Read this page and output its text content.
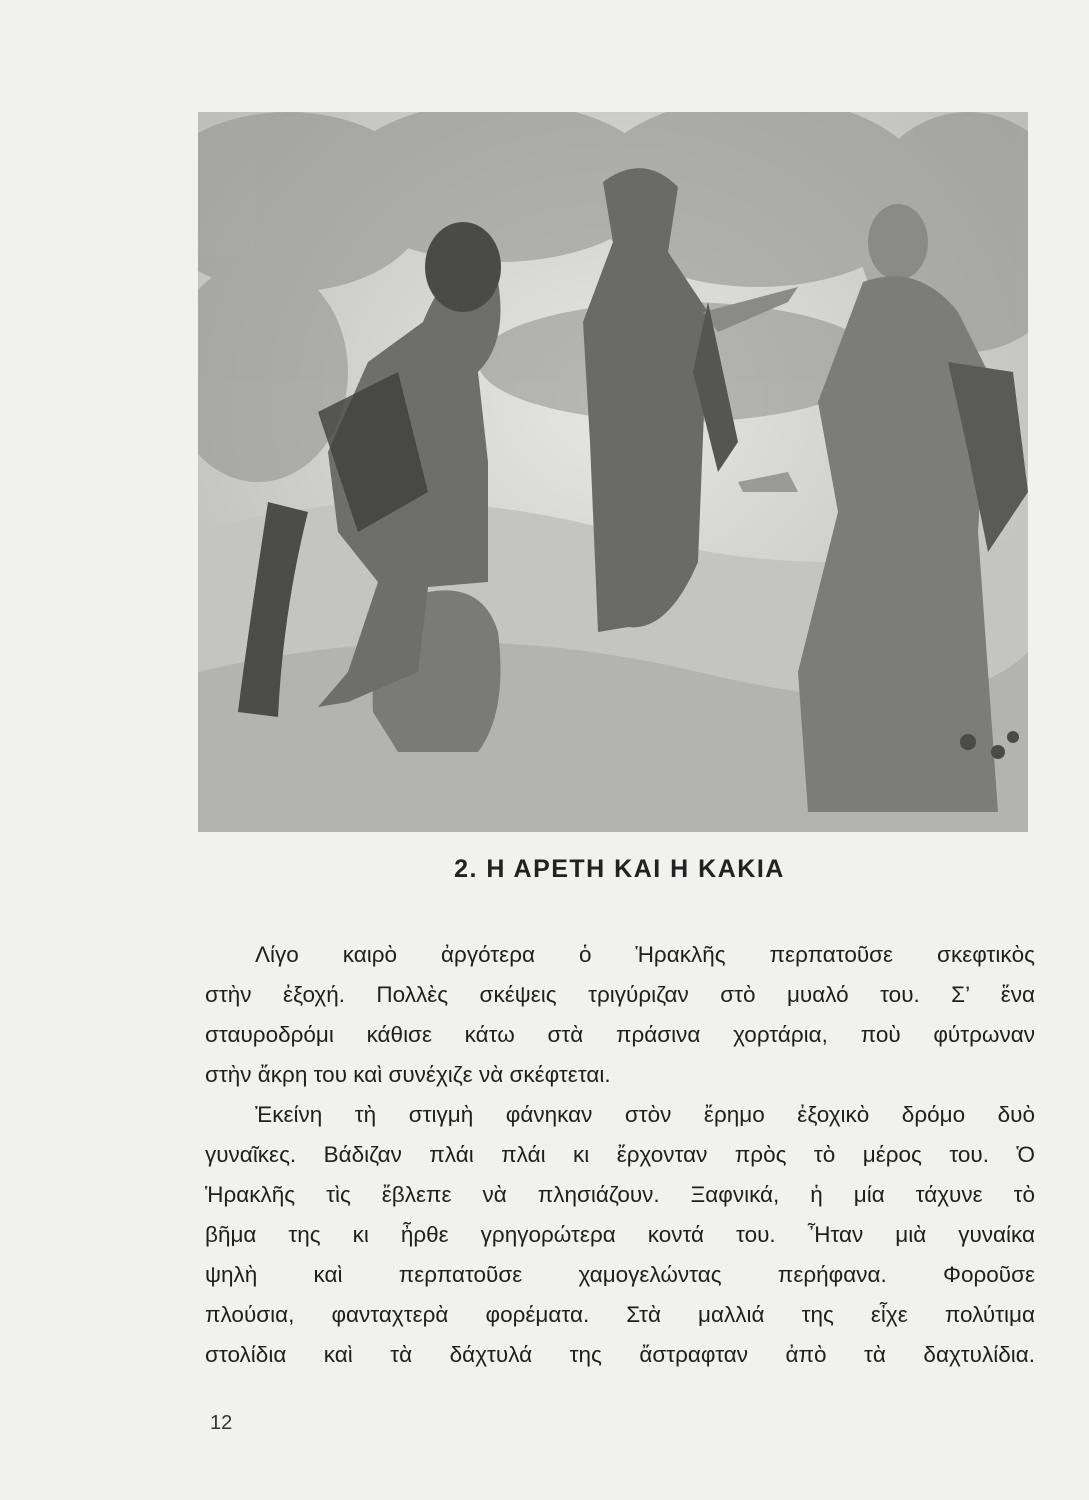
2. Η ΑΡΕΤΗ ΚΑΙ Η ΚΑΚΙΑ
Λίγο καιρὸ ἀργότερα ὁ Ἡρακλῆς περπατοῦσε σκεφτικὸς
στὴν ἐξοχή. Πολλὲς σκέψεις τριγύριζαν στὸ μυαλό του. Σ’ ἕνα
σταυροδρόμι κάθισε κάτω στὰ πράσινα χορτάρια, ποὺ φύτρωναν
στὴν ἄκρη του καὶ συνέχιζε νὰ σκέφτεται.
Ἐκείνη τὴ στιγμὴ φάνηκαν στὸν ἔρημο ἐξοχικὸ δρόμο δυὸ
γυναῖκες. Βάδιζαν πλάι πλάι κι ἔρχονταν πρὸς τὸ μέρος του. Ὁ
Ἡρακλῆς τὶς ἔβλεπε νὰ πλησιάζουν. Ξαφνικά, ἡ μία τάχυνε τὸ
βῆμα της κι ἦρθε γρηγορώτερα κοντά του. Ἦταν μιὰ γυναίκα
ψηλὴ καὶ περπατοῦσε χαμογελώντας περήφανα. Φοροῦσε
πλούσια, φανταχτερὰ φορέματα. Στὰ μαλλιά της εἶχε πολύτιμα
στολίδια καὶ τὰ δάχτυλά της ἄστραφταν ἀπὸ τὰ δαχτυλίδια.
12
